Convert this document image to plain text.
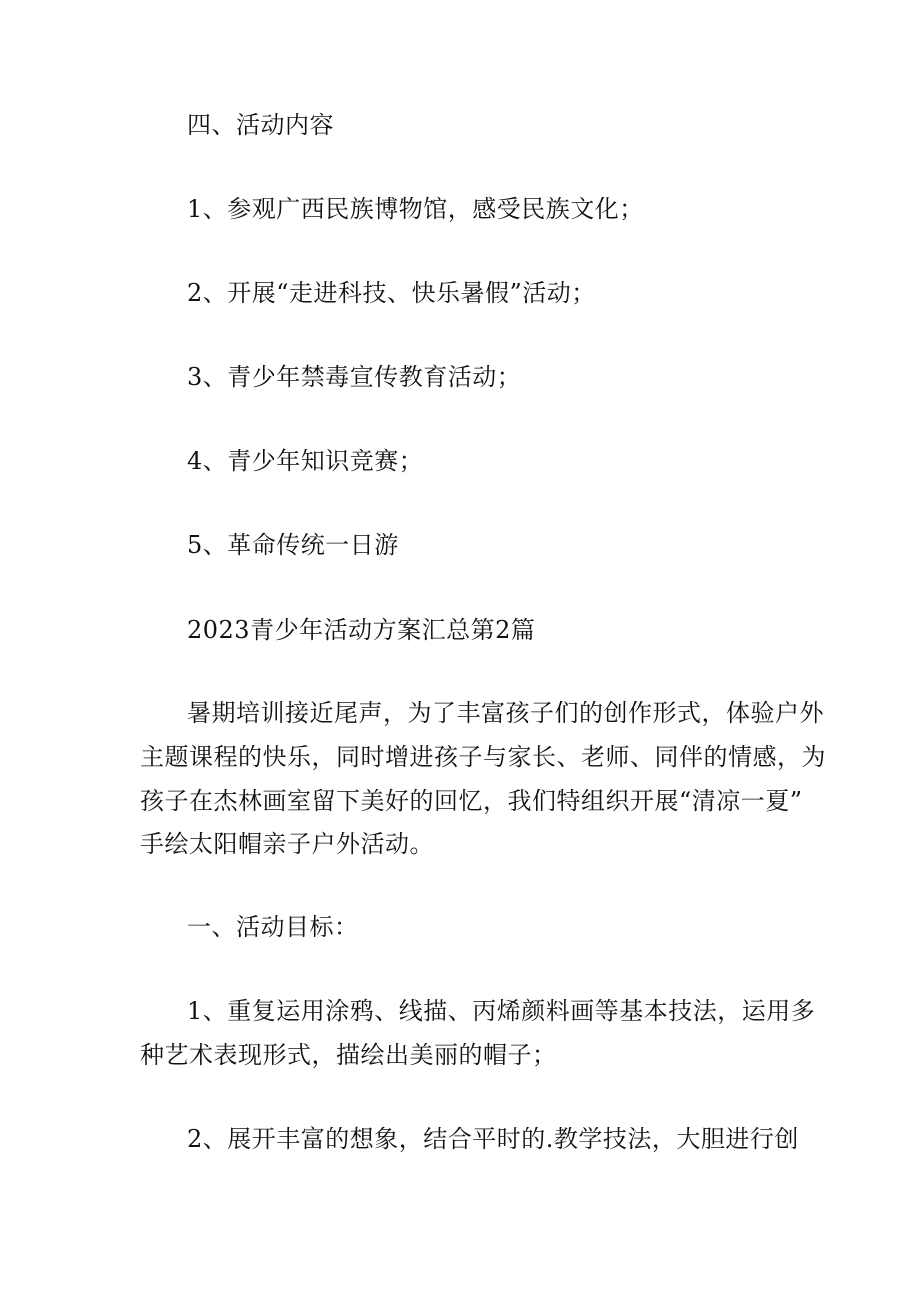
四、活动内容
1、参观广西民族博物馆，感受民族文化；
2、开展“走进科技、快乐暑假”活动；
3、青少年禁毒宣传教育活动；
4、青少年知识竞赛；
5、革命传统一日游
2023青少年活动方案汇总第2篇
暑期培训接近尾声，为了丰富孩子们的创作形式，体验户外
主题课程的快乐，同时增进孩子与家长、老师、同伴的情感，为
孩子在杰林画室留下美好的回忆，我们特组织开展“清凉一夏”
手绘太阳帽亲子户外活动。
一、活动目标：
1、重复运用涂鸦、线描、丙烯颜料画等基本技法，运用多
种艺术表现形式，描绘出美丽的帽子；
2、展开丰富的想象，结合平时的.教学技法，大胆进行创
